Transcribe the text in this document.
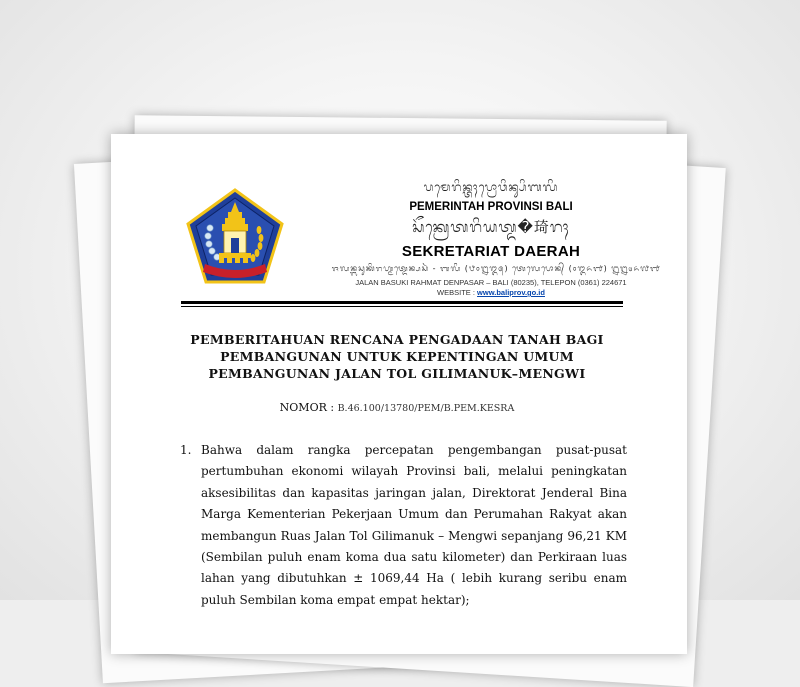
ᬧᬫᬾᬭᬶᬦ᭄ᬢᬄᬧ᭄ᬭᭀᬯᬶᬦ᭄ᬲᬶᬩᬮᬶ
PEMERINTAH PROVINSI BALI
ᬲᭂᬓ᭄ᬭᬾᬢᬭᬶᬬᬢ᭄ᬤ�琦ᬭᬄ
SEKRETARIAT DAERAH
ᬚᬮᬦ᭄ᬩᬲᬸᬓᬶᬭᬳ᭄ᬫᬢ᭄ᬤᬾᬦ᭄ᬧᬲᬃ - ᬩᬮᬶ (᭘᭐᭒᭓᭕) ᬢᬾᬮᬾᬧᭀᬦ᭄ (᭐᭓᭖᭑) ᭒᭒᭔᭖᭗᭑
JALAN BASUKI RAHMAT DENPASAR – BALI (80235), TELEPON (0361) 224671
WEBSITE : www.baliprov.go.id
PEMBERITAHUAN RENCANA PENGADAAN TANAH BAGI
PEMBANGUNAN UNTUK KEPENTINGAN UMUM
PEMBANGUNAN JALAN TOL GILIMANUK–MENGWI
NOMOR : B.46.100/13780/PEM/B.PEM.KESRA
1. Bahwa dalam rangka percepatan pengembangan pusat-pusat pertumbuhan ekonomi wilayah Provinsi bali, melalui peningkatan aksesibilitas dan kapasitas jaringan jalan, Direktorat Jenderal Bina Marga Kementerian Pekerjaan Umum dan Perumahan Rakyat akan membangun Ruas Jalan Tol Gilimanuk – Mengwi sepanjang 96,21 KM (Sembilan puluh enam koma dua satu kilometer) dan Perkiraan luas lahan yang dibutuhkan ± 1069,44 Ha ( lebih kurang seribu enam puluh Sembilan koma empat empat hektar);
